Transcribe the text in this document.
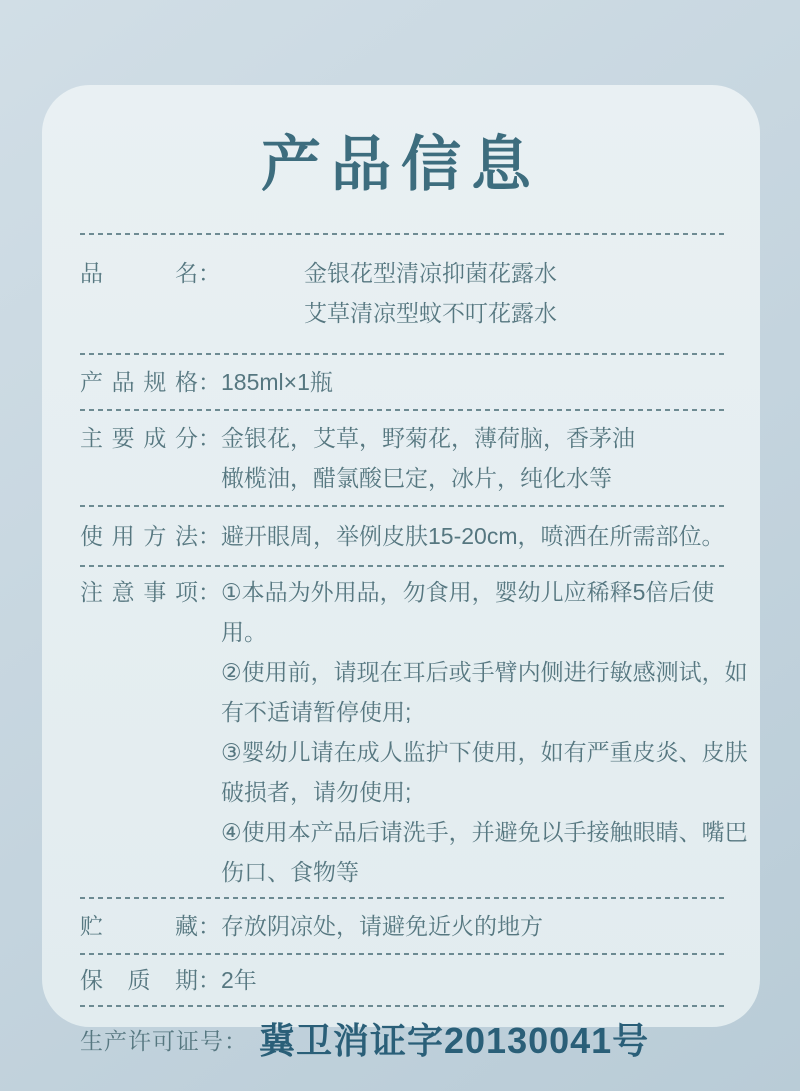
产品信息
品名：	金银花型清凉抑菌花露水
艾草清凉型蚊不叮花露水
产品规格： 185ml×1瓶
主要成分： 金银花，艾草，野菊花，薄荷脑，香茅油
橄榄油，醋氯酸巳定，冰片，纯化水等
使用方法： 避开眼周，举例皮肤15-20cm，喷洒在所需部位。
注意事项： ①本品为外用品，勿食用，婴幼儿应稀释5倍后使用。
②使用前，请现在耳后或手臂内侧进行敏感测试，如有不适请暂停使用;
③婴幼儿请在成人监护下使用，如有严重皮炎、皮肤破损者，请勿使用;
④使用本产品后请洗手，并避免以手接触眼睛、嘴巴伤口、食物等
贮藏： 存放阴凉处，请避免近火的地方
保质期： 2年
生产许可证号： 冀卫消证字20130041号
